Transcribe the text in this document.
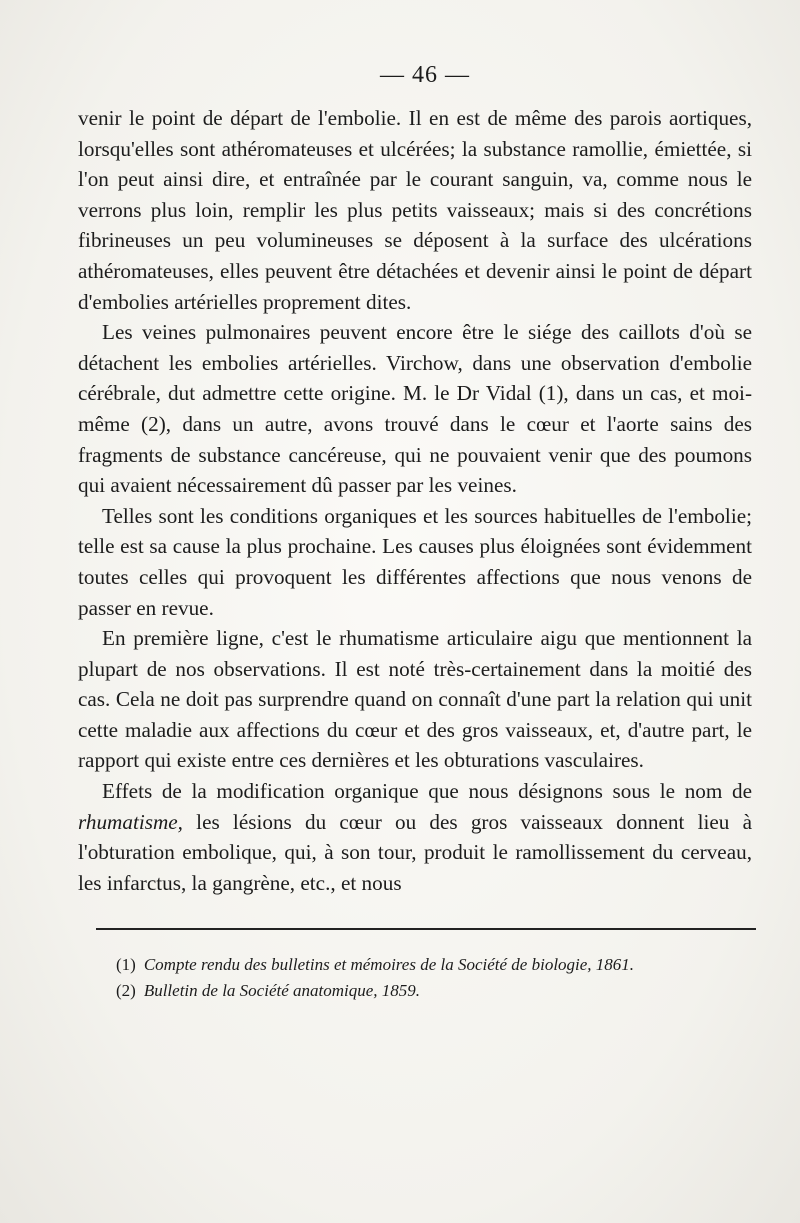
— 46 —

venir le point de départ de l'embolie. Il en est de même des parois aortiques, lorsqu'elles sont athéromateuses et ulcérées; la substance ramollie, émiettée, si l'on peut ainsi dire, et entraînée par le courant sanguin, va, comme nous le verrons plus loin, remplir les plus petits vaisseaux; mais si des concrétions fibrineuses un peu volumineuses se déposent à la surface des ulcérations athéromateuses, elles peuvent être détachées et devenir ainsi le point de départ d'embolies artérielles proprement dites.

Les veines pulmonaires peuvent encore être le siége des caillots d'où se détachent les embolies artérielles. Virchow, dans une observation d'embolie cérébrale, dut admettre cette origine. M. le Dr Vidal (1), dans un cas, et moi-même (2), dans un autre, avons trouvé dans le cœur et l'aorte sains des fragments de substance cancéreuse, qui ne pouvaient venir que des poumons qui avaient nécessairement dû passer par les veines.

Telles sont les conditions organiques et les sources habituelles de l'embolie; telle est sa cause la plus prochaine. Les causes plus éloignées sont évidemment toutes celles qui provoquent les différentes affections que nous venons de passer en revue.

En première ligne, c'est le rhumatisme articulaire aigu que mentionnent la plupart de nos observations. Il est noté très-certainement dans la moitié des cas. Cela ne doit pas surprendre quand on connaît d'une part la relation qui unit cette maladie aux affections du cœur et des gros vaisseaux, et, d'autre part, le rapport qui existe entre ces dernières et les obturations vasculaires.

Effets de la modification organique que nous désignons sous le nom de rhumatisme, les lésions du cœur ou des gros vaisseaux donnent lieu à l'obturation embolique, qui, à son tour, produit le ramollissement du cerveau, les infarctus, la gangrène, etc., et nous

(1) Compte rendu des bulletins et mémoires de la Société de biologie, 1861.

(2) Bulletin de la Société anatomique, 1859.
